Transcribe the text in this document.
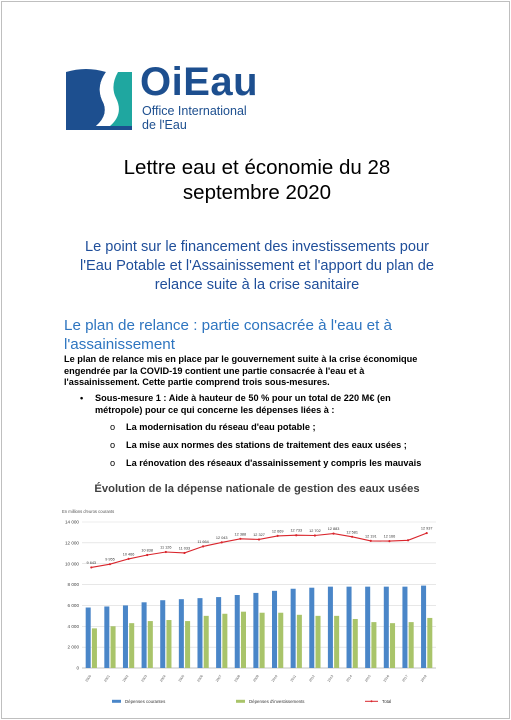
OiEau
Office International
de l'Eau
Lettre eau et économie du 28
septembre 2020
Le point sur le financement des investissements pour
l'Eau Potable et l'Assainissement et l'apport du plan de
relance suite à la crise sanitaire
Le plan de relance : partie consacrée à l'eau et à
l'assainissement
Le plan de relance mis en place par le gouvernement suite à la crise économique
engendrée par la COVID-19 contient une partie consacrée à l'eau et à
l'assainissement. Cette partie comprend trois sous-mesures.
• Sous-mesure 1 : Aide à hauteur de 50 % pour un total de 220 M€ (en
métropole) pour ce qui concerne les dépenses liées à :
o La modernisation du réseau d'eau potable ;
o La mise aux normes des stations de traitement des eaux usées ;
o La rénovation des réseaux d'assainissement y compris les mauvais
Évolution de la dépense nationale de gestion des eaux usées
En millions d'euros courants
0
2 000
4 000
6 000
8 000
10 000
12 000
14 000
2000	2001	2002	2003	2004	2005	2006	2007	2008	2009	2010	2011	2012	2013	2014	2015	2016	2017	2018
9 643
9 955
10 466
10 838
11 126 11 033
11 664
12 043
12 388 12 327
12 669 12 733 12 702 12 883
12 581
12 191 12 166
12 937
Dépenses courantes	Dépenses d'investissements	Total
